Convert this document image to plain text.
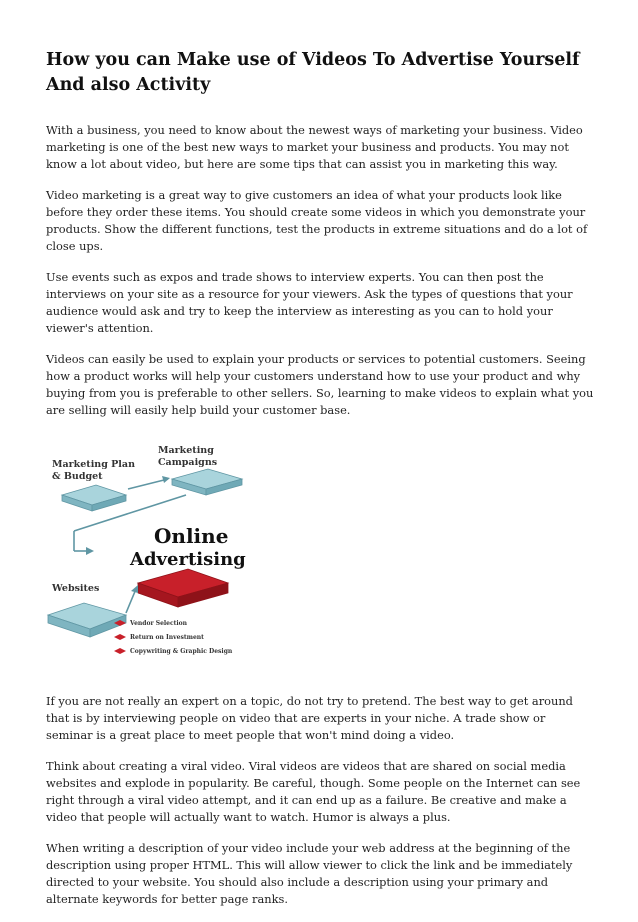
How you can Make use of Videos To Advertise Yourself And also Activity

With a business, you need to know about the newest ways of marketing your business. Video marketing is one of the best new ways to market your business and products. You may not know a lot about video, but here are some tips that can assist you in marketing this way.

Video marketing is a great way to give customers an idea of what your products look like before they order these items. You should create some videos in which you demonstrate your products. Show the different functions, test the products in extreme situations and do a lot of close ups.

Use events such as expos and trade shows to interview experts. You can then post the interviews on your site as a resource for your viewers. Ask the types of questions that your audience would ask and try to keep the interview as interesting as you can to hold your viewer's attention.

Videos can easily be used to explain your products or services to potential customers. Seeing how a product works will help your customers understand how to use your product and why buying from you is preferable to other sellers. So, learning to make videos to explain what you are selling will easily help build your customer base.

Marketing Plan
& Budget
Marketing
Campaigns
Online
Advertising
Websites
Vendor Selection
Return on Investment
Copywriting & Graphic Design

If you are not really an expert on a topic, do not try to pretend. The best way to get around that is by interviewing people on video that are experts in your niche. A trade show or seminar is a great place to meet people that won't mind doing a video.

Think about creating a viral video. Viral videos are videos that are shared on social media websites and explode in popularity. Be careful, though. Some people on the Internet can see right through a viral video attempt, and it can end up as a failure. Be creative and make a video that people will actually want to watch. Humor is always a plus.

When writing a description of your video include your web address at the beginning of the description using proper HTML. This will allow viewer to click the link and be immediately directed to your website. You should also include a description using your primary and alternate keywords for better page ranks.
